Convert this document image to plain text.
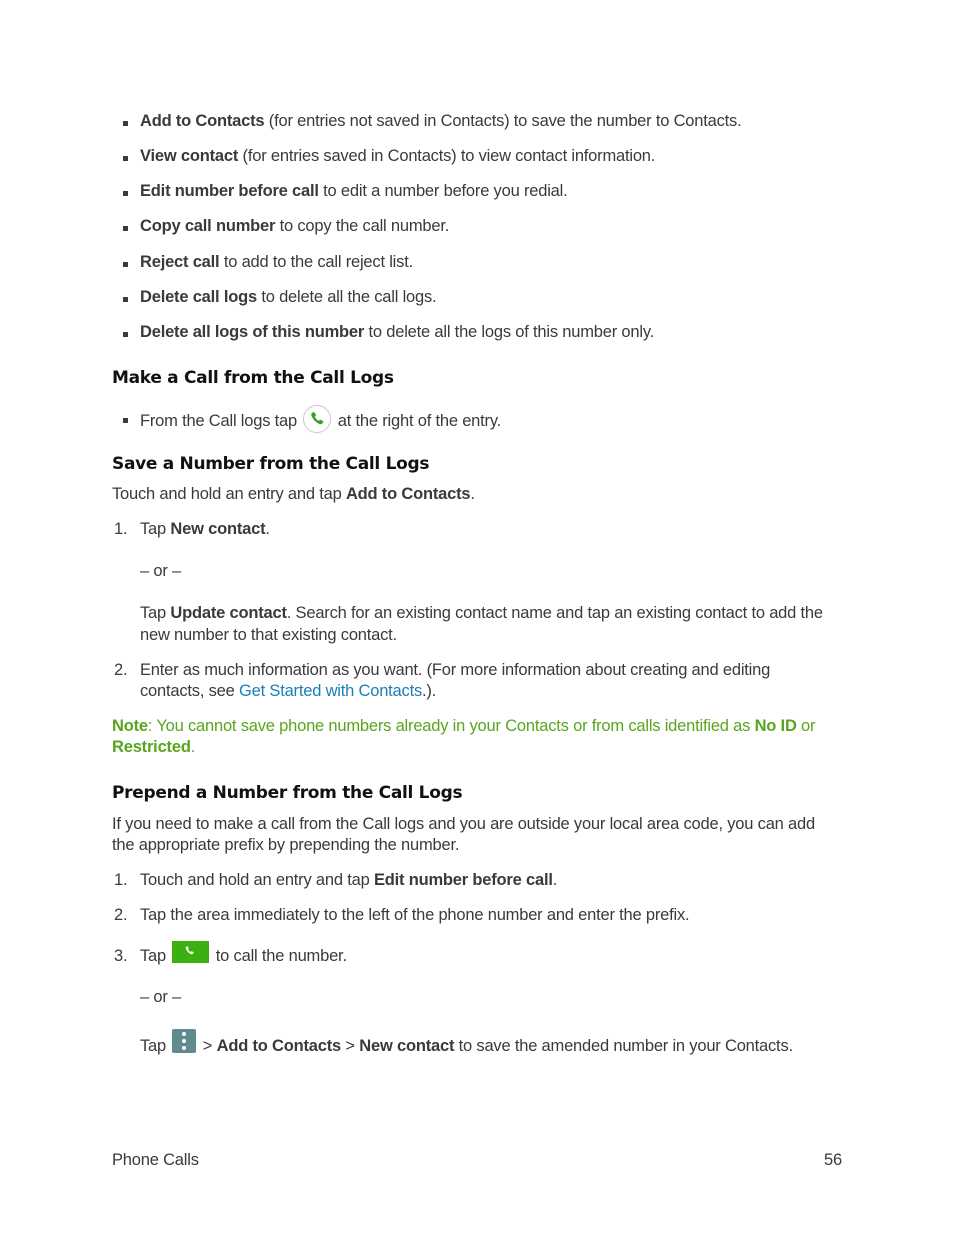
Add to Contacts (for entries not saved in Contacts) to save the number to Contacts.
View contact (for entries saved in Contacts) to view contact information.
Edit number before call to edit a number before you redial.
Copy call number to copy the call number.
Reject call to add to the call reject list.
Delete call logs to delete all the call logs.
Delete all logs of this number to delete all the logs of this number only.
Make a Call from the Call Logs
From the Call logs tap at the right of the entry.
Save a Number from the Call Logs
Touch and hold an entry and tap Add to Contacts.
1. Tap New contact.
– or –
Tap Update contact. Search for an existing contact name and tap an existing contact to add the
new number to that existing contact.
2. Enter as much information as you want. (For more information about creating and editing
contacts, see Get Started with Contacts.).
Note: You cannot save phone numbers already in your Contacts or from calls identified as No ID or
Restricted.
Prepend a Number from the Call Logs
If you need to make a call from the Call logs and you are outside your local area code, you can add
the appropriate prefix by prepending the number.
1. Touch and hold an entry and tap Edit number before call.
2. Tap the area immediately to the left of the phone number and enter the prefix.
3. Tap	to call the number.
– or –
Tap
> Add to Contacts > New contact to save the amended number in your Contacts.
Phone Calls	56
